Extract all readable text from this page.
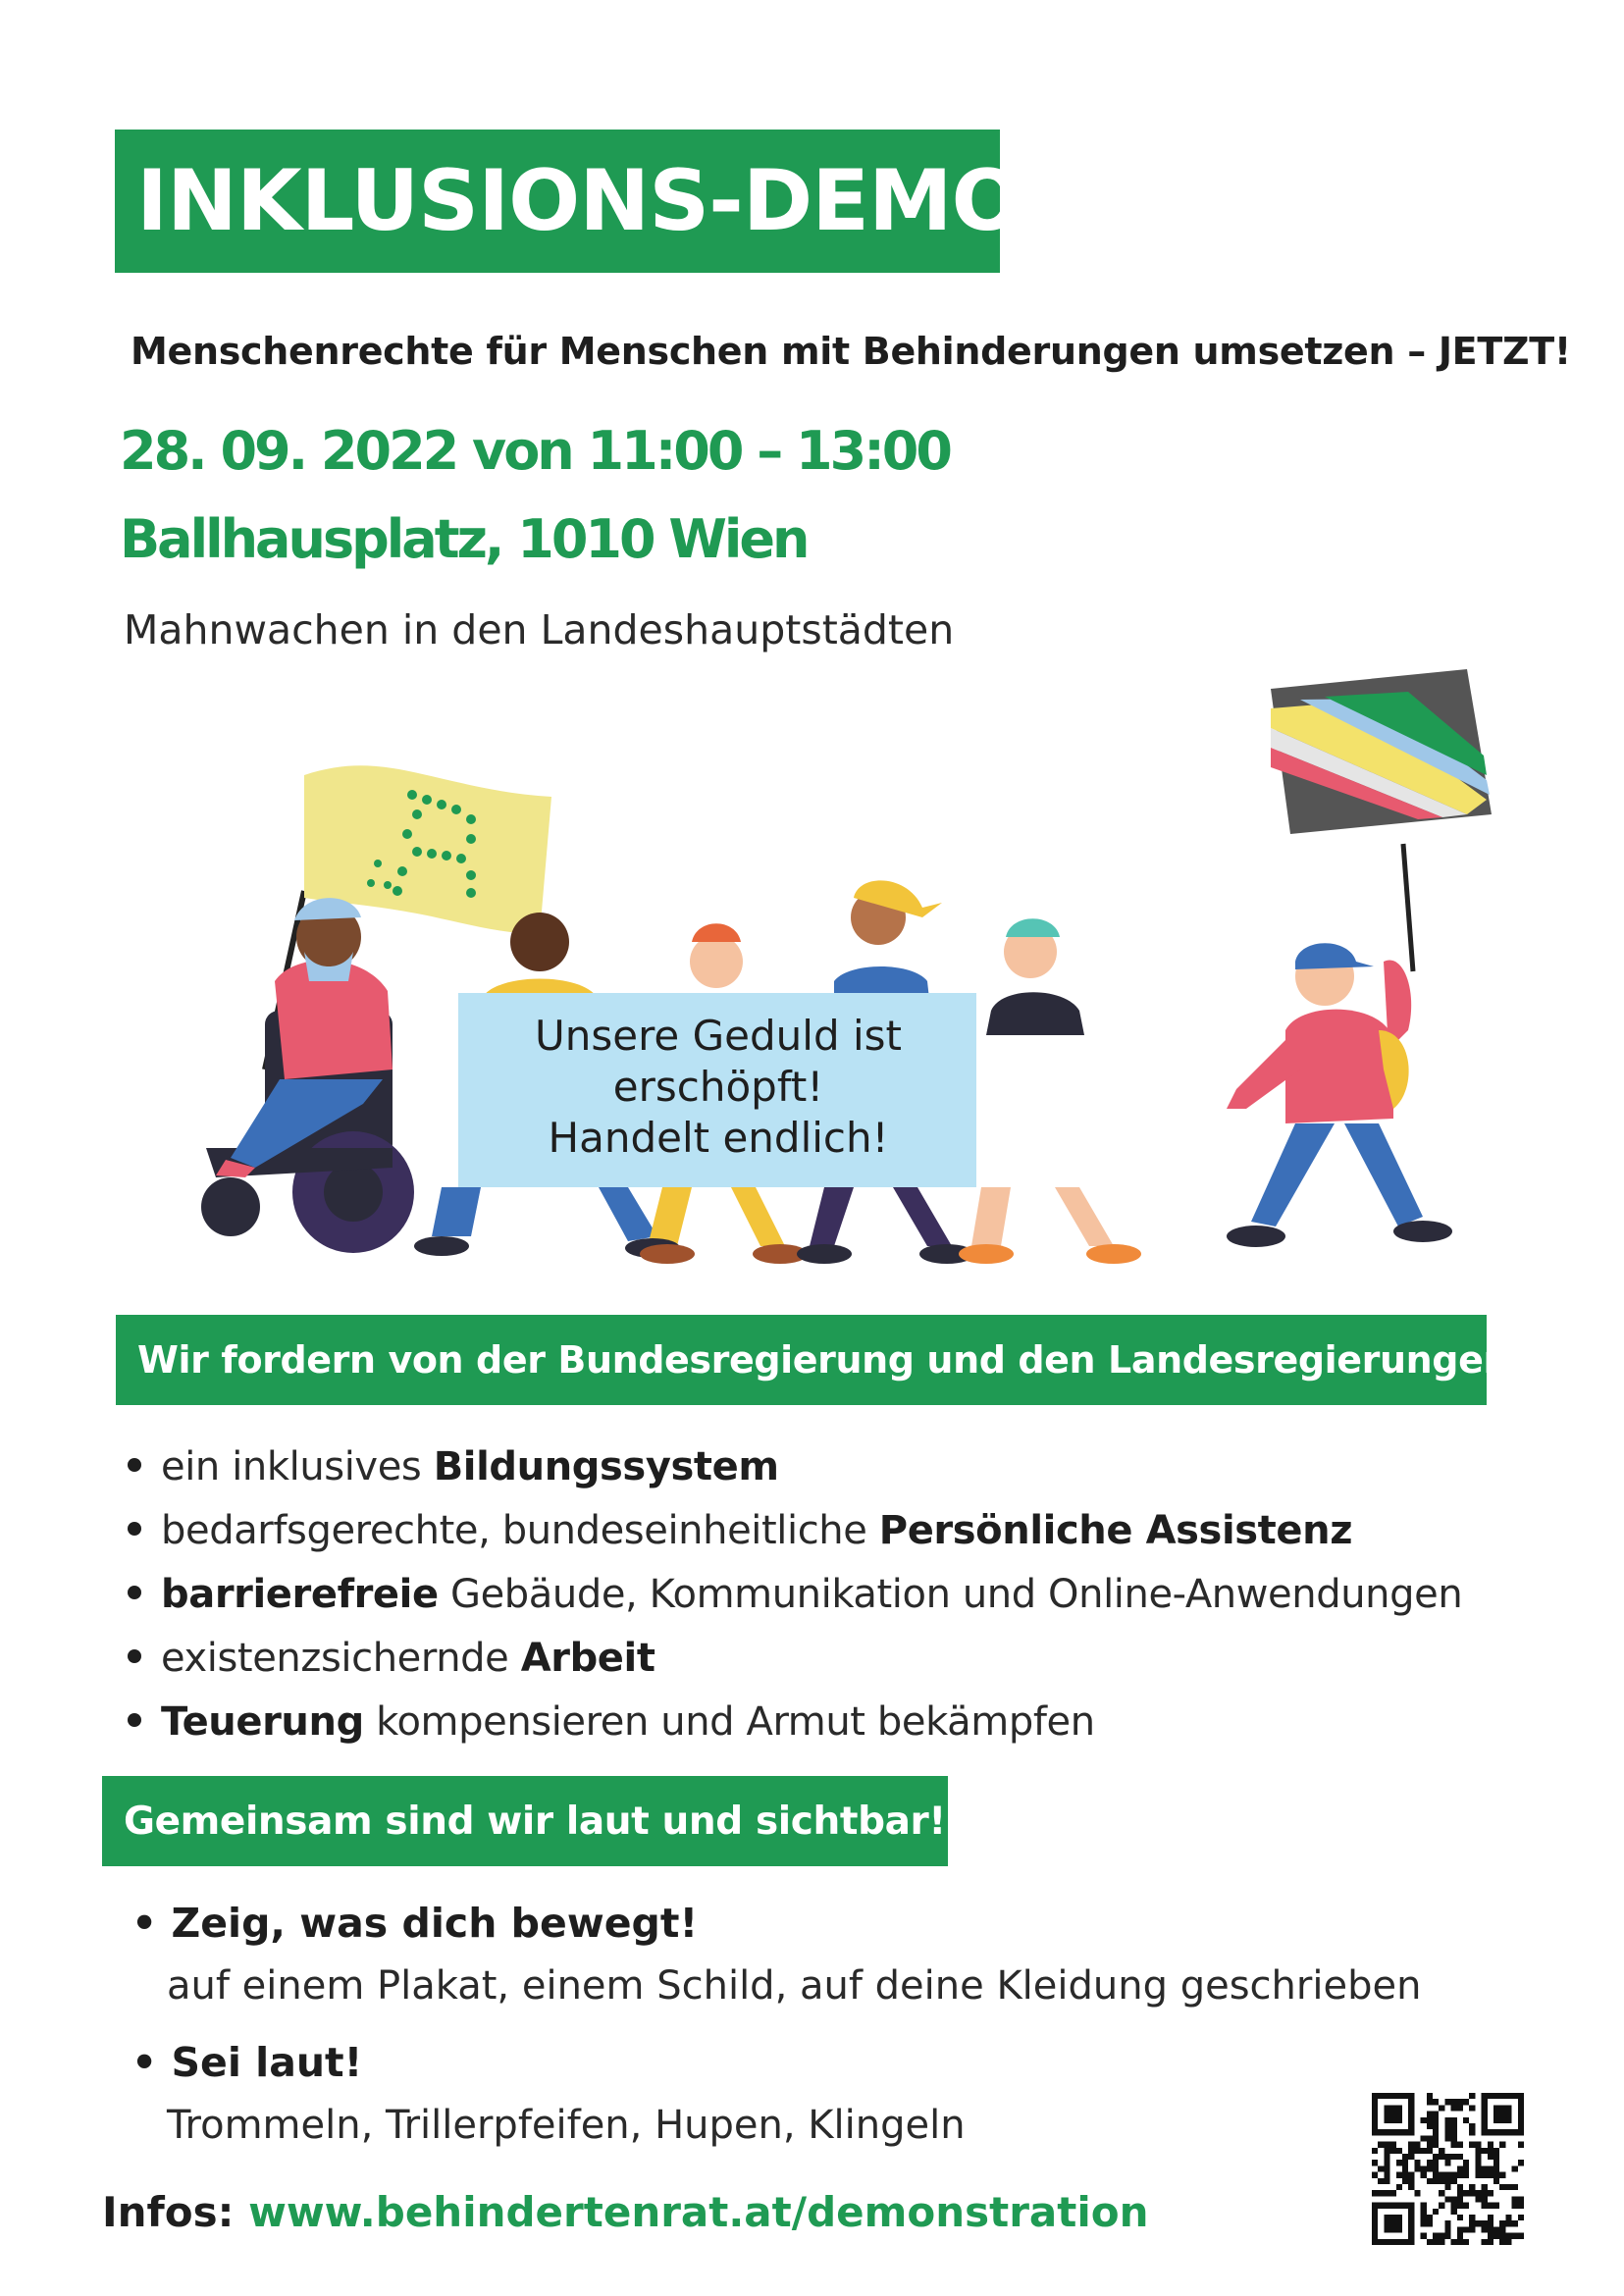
INKLUSIONS-DEMO
Menschenrechte für Menschen mit Behinderungen umsetzen – JETZT!
28. 09. 2022 von 11:00 – 13:00
Ballhausplatz, 1010 Wien
Mahnwachen in den Landeshauptstädten
Unsere Geduld ist
erschöpft!
Handelt endlich!
Wir fordern von der Bundesregierung und den Landesregierungen:
ein inklusives Bildungssystem
bedarfsgerechte, bundeseinheitliche Persönliche Assistenz
barrierefreie Gebäude, Kommunikation und Online-Anwendungen
existenzsichernde Arbeit
Teuerung kompensieren und Armut bekämpfen
Gemeinsam sind wir laut und sichtbar!
• Zeig, was dich bewegt!
auf einem Plakat, einem Schild, auf deine Kleidung geschrieben
• Sei laut!
Trommeln, Trillerpfeifen, Hupen, Klingeln
Infos: www.behindertenrat.at/demonstration
